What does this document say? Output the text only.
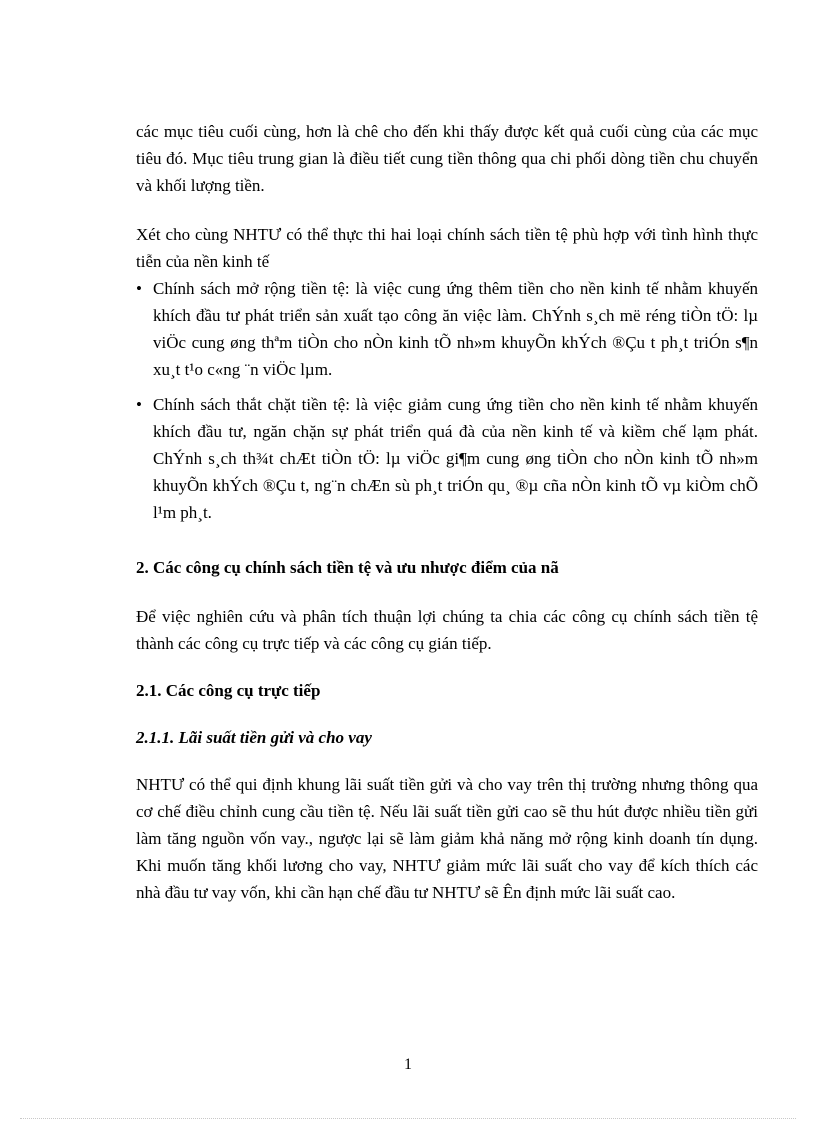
các mục tiêu cuối cùng, hơn là chê cho đến khi thấy được kết quả cuối cùng của các mục tiêu đó. Mục tiêu trung gian là điều tiết cung tiền thông qua chi phối dòng tiền chu chuyển và khối lượng tiền.

Xét cho cùng NHTƯ có thể thực thi hai loại chính sách tiền tệ phù hợp với tình hình thực tiễn của nền kinh tế

• Chính sách mở rộng tiền tệ: là việc cung ứng thêm tiền cho nền kinh tế nhằm khuyến khích đầu tư phát triển sản xuất tạo công ăn việc làm. ChÝnh s¸ch më réng tiÒn tÖ: lµ viÖc cung øng thªm tiÒn cho nÒn kinh tÕ nh»m khuyÕn khÝch ®Çu t ph¸t triÓn s¶n xu¸t t¹o c«ng ¨n viÖc lµm.
• Chính sách thắt chặt tiền tệ: là việc giảm cung ứng tiền cho nền kinh tế nhằm khuyến khích đầu tư, ngăn chặn sự phát triển quá đà của nền kinh tế và kiềm chế lạm phát. ChÝnh s¸ch th¾t chÆt tiÒn tÖ: lµ viÖc gi¶m cung øng tiÒn cho nÒn kinh tÕ nh»m khuyÕn khÝch ®Çu t, ng¨n chÆn sù ph¸t triÓn qu¸ ®µ cña nÒn kinh tÕ vµ kiÒm chÕ l¹m ph¸t.

2. Các công cụ chính sách tiền tệ và ưu nhược điểm của nã

Để việc nghiên cứu và phân tích thuận lợi chúng ta chia các công cụ chính sách tiền tệ thành các công cụ trực tiếp và các công cụ gián tiếp.

2.1. Các công cụ trực tiếp

2.1.1. Lãi suất tiền gửi và cho vay

NHTƯ có thể qui định khung lãi suất tiền gửi và cho vay trên thị trường nhưng thông qua cơ chế điều chỉnh cung cầu tiền tệ. Nếu lãi suất tiền gửi cao sẽ thu hút được nhiều tiền gửi làm tăng nguồn vốn vay., ngược lại sẽ làm giảm khả năng mở rộng kinh doanh tín dụng. Khi muốn tăng khối lương cho vay, NHTƯ giảm mức lãi suất cho vay để kích thích các nhà đầu tư vay vốn, khi cần hạn chế đầu tư NHTƯ sẽ Ên định mức lãi suất cao.

1
